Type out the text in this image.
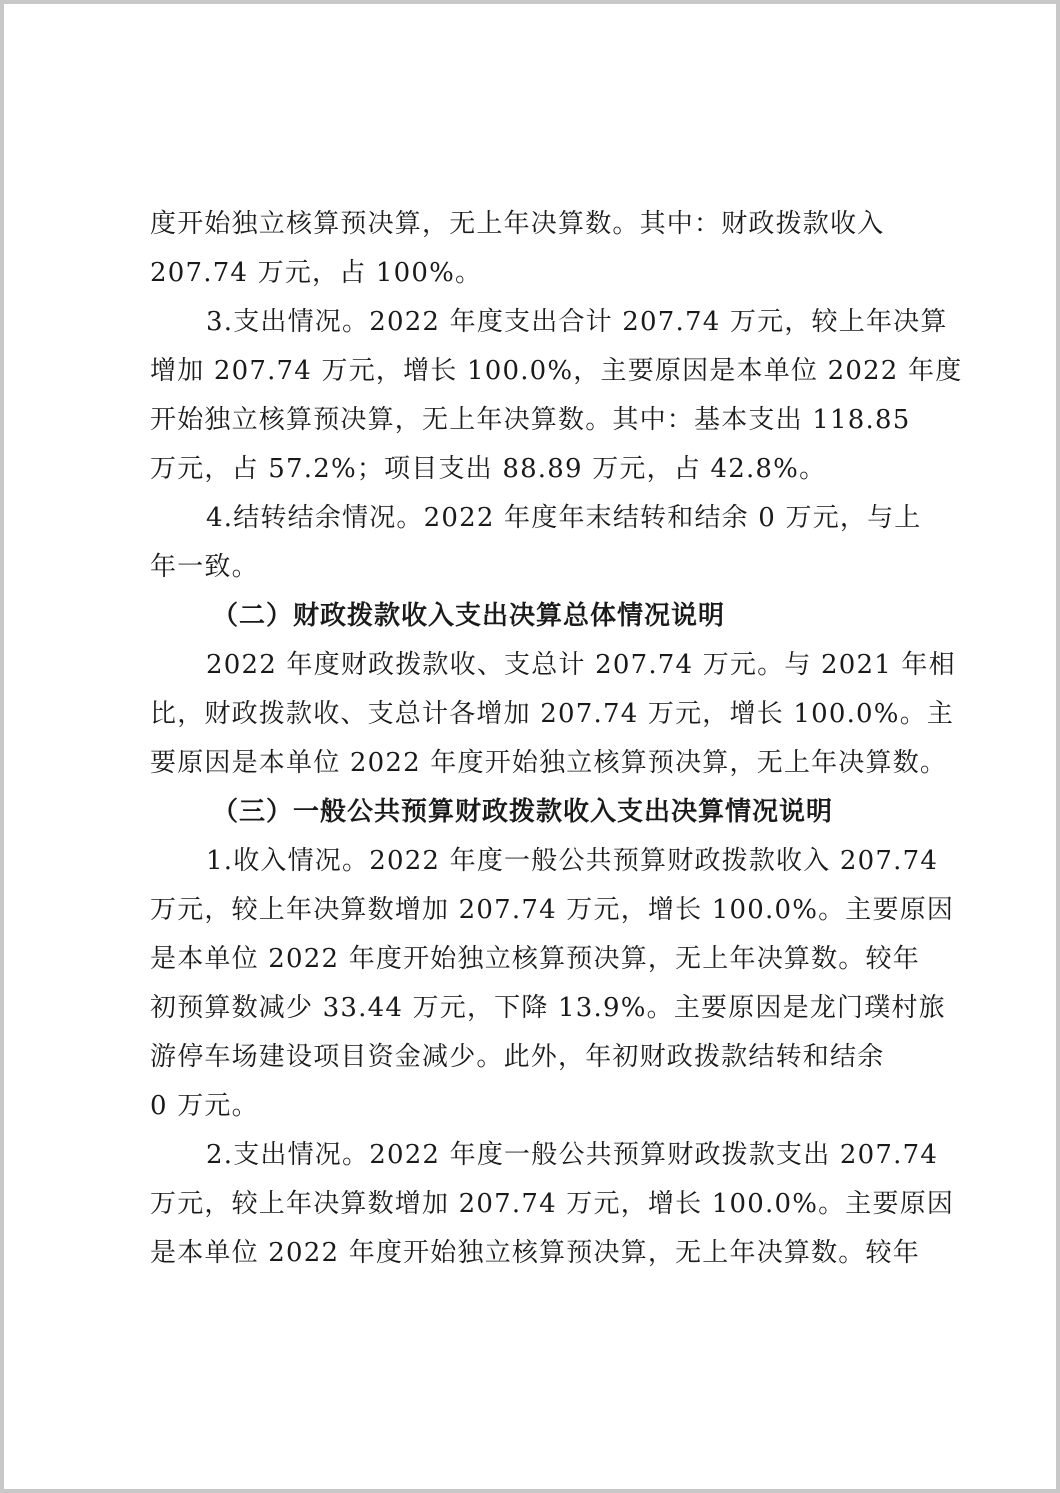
度开始独立核算预决算，无上年决算数。其中：财政拨款收入
207.74 万元，占 100%。

3.支出情况。2022 年度支出合计 207.74 万元，较上年决算
增加 207.74 万元，增长 100.0%，主要原因是本单位 2022 年度
开始独立核算预决算，无上年决算数。其中：基本支出 118.85
万元，占 57.2%；项目支出 88.89 万元，占 42.8%。

4.结转结余情况。2022 年度年末结转和结余 0 万元，与上
年一致。

（二）财政拨款收入支出决算总体情况说明

2022 年度财政拨款收、支总计 207.74 万元。与 2021 年相
比，财政拨款收、支总计各增加 207.74 万元，增长 100.0%。主
要原因是本单位 2022 年度开始独立核算预决算，无上年决算数。

（三）一般公共预算财政拨款收入支出决算情况说明

1.收入情况。2022 年度一般公共预算财政拨款收入 207.74
万元，较上年决算数增加 207.74 万元，增长 100.0%。主要原因
是本单位 2022 年度开始独立核算预决算，无上年决算数。较年
初预算数减少 33.44 万元，下降 13.9%。主要原因是龙门璞村旅
游停车场建设项目资金减少。此外，年初财政拨款结转和结余
0 万元。

2.支出情况。2022 年度一般公共预算财政拨款支出 207.74
万元，较上年决算数增加 207.74 万元，增长 100.0%。主要原因
是本单位 2022 年度开始独立核算预决算，无上年决算数。较年
